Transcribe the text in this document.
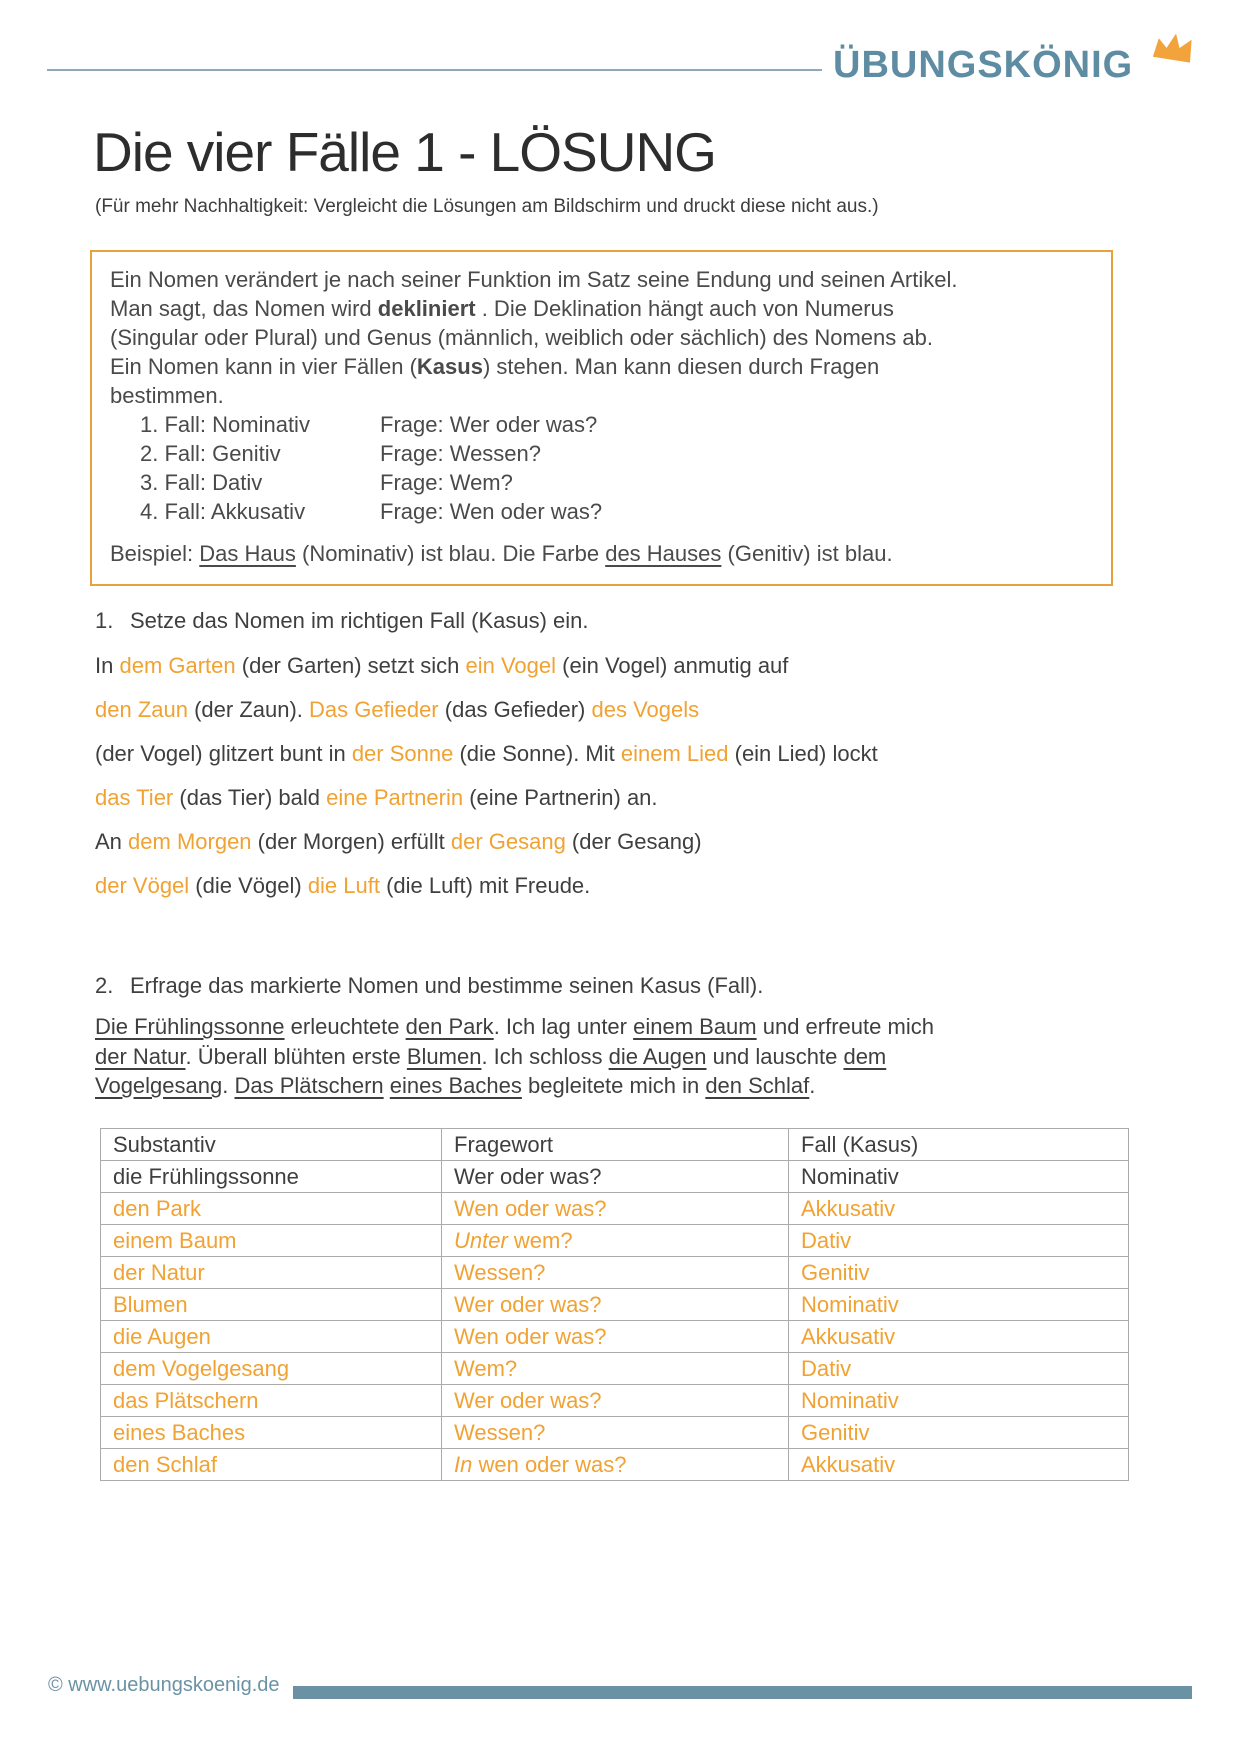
ÜBUNGSKÖNIG
Die vier Fälle 1 - LÖSUNG
(Für mehr Nachhaltigkeit: Vergleicht die Lösungen am Bildschirm und druckt diese nicht aus.)
Ein Nomen verändert je nach seiner Funktion im Satz seine Endung und seinen Artikel.
Man sagt, das Nomen wird dekliniert . Die Deklination hängt auch von Numerus
(Singular oder Plural) und Genus (männlich, weiblich oder sächlich) des Nomens ab.
Ein Nomen kann in vier Fällen (Kasus) stehen. Man kann diesen durch Fragen
bestimmen.
1. Fall: Nominativ	Frage: Wer oder was?
2. Fall: Genitiv	Frage: Wessen?
3. Fall: Dativ	Frage: Wem?
4. Fall: Akkusativ	Frage: Wen oder was?
Beispiel: Das Haus (Nominativ) ist blau. Die Farbe des Hauses (Genitiv) ist blau.
1. Setze das Nomen im richtigen Fall (Kasus) ein.
In dem Garten (der Garten) setzt sich ein Vogel (ein Vogel) anmutig auf
den Zaun (der Zaun). Das Gefieder (das Gefieder) des Vogels
(der Vogel) glitzert bunt in der Sonne (die Sonne). Mit einem Lied (ein Lied) lockt
das Tier (das Tier) bald eine Partnerin (eine Partnerin) an.
An dem Morgen (der Morgen) erfüllt der Gesang (der Gesang)
der Vögel (die Vögel) die Luft (die Luft) mit Freude.
2. Erfrage das markierte Nomen und bestimme seinen Kasus (Fall).
Die Frühlingssonne erleuchtete den Park. Ich lag unter einem Baum und erfreute mich
der Natur. Überall blühten erste Blumen. Ich schloss die Augen und lauschte dem
Vogelgesang. Das Plätschern eines Baches begleitete mich in den Schlaf.
Substantiv	Fragewort	Fall (Kasus)
die Frühlingssonne	Wer oder was?	Nominativ
den Park	Wen oder was?	Akkusativ
einem Baum	Unter wem?	Dativ
der Natur	Wessen?	Genitiv
Blumen	Wer oder was?	Nominativ
die Augen	Wen oder was?	Akkusativ
dem Vogelgesang	Wem?	Dativ
das Plätschern	Wer oder was?	Nominativ
eines Baches	Wessen?	Genitiv
den Schlaf	In wen oder was?	Akkusativ
© www.uebungskoenig.de
